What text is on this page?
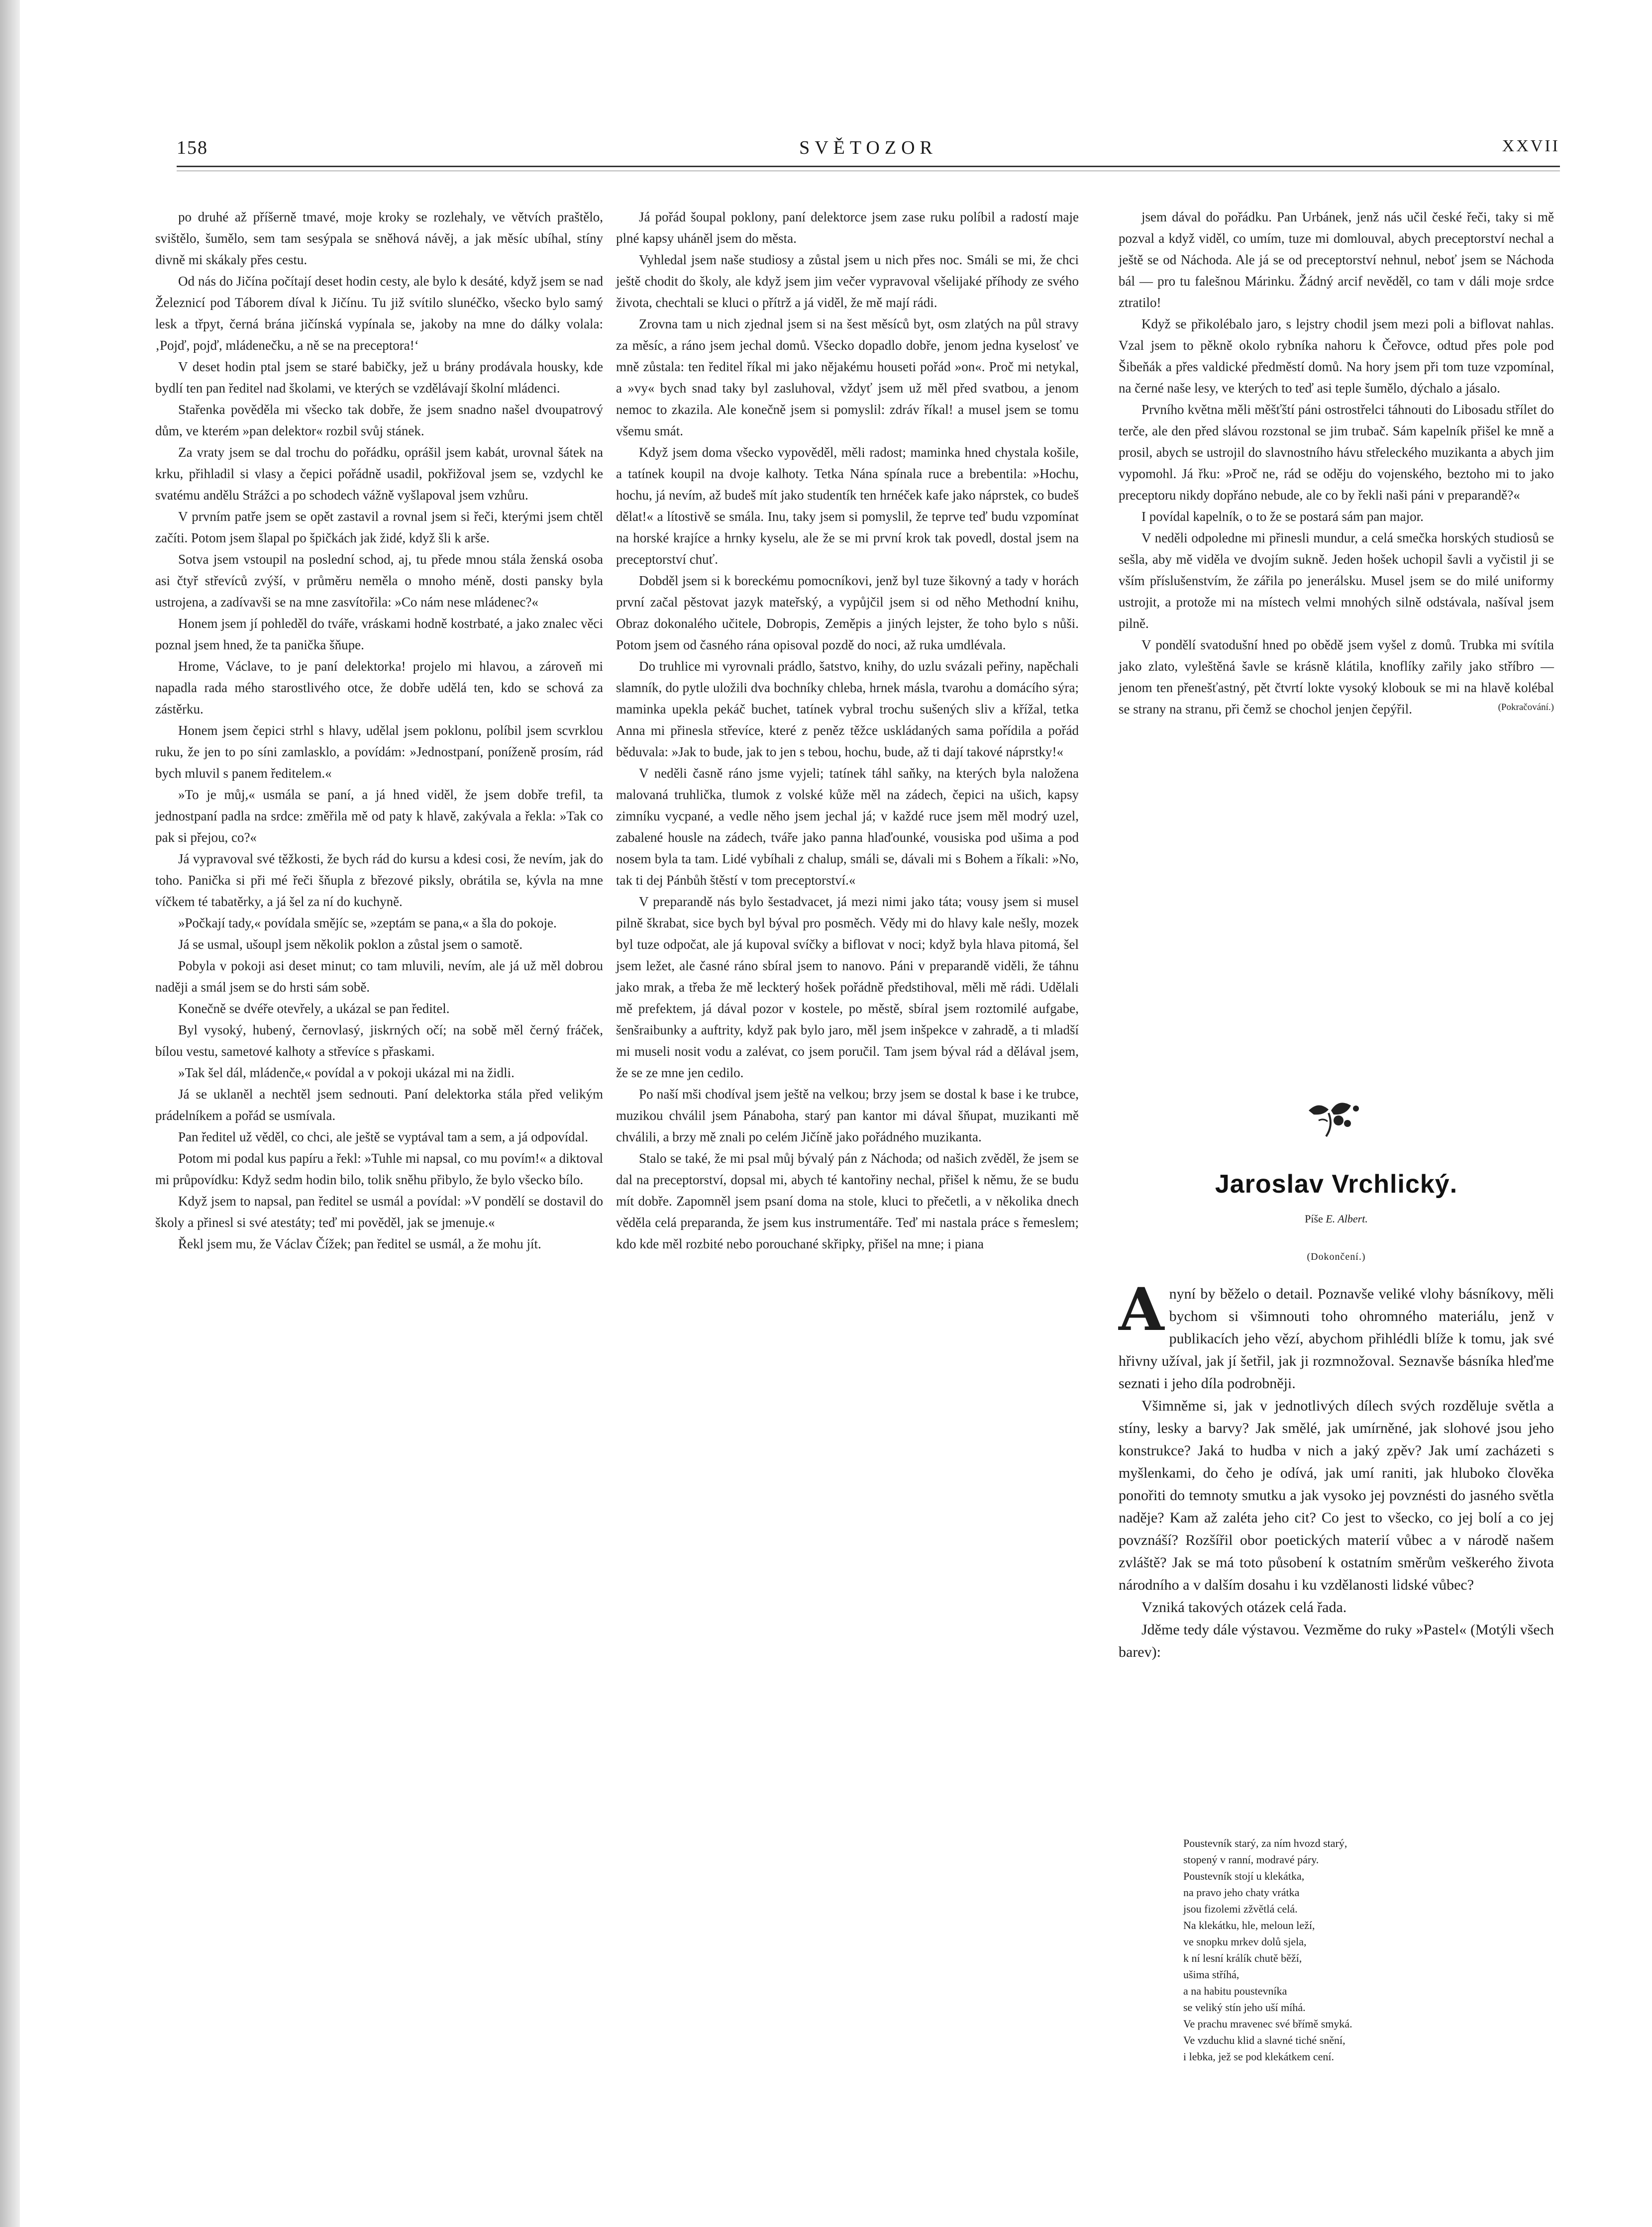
158	SVĚTOZOR	XXVII

po druhé až příšerně tmavé, moje kroky se rozlehaly, ve větvích praštělo, svištělo, šumělo, sem tam sesýpala se sněhová návěj, a jak měsíc ubíhal, stíny divně mi skákaly přes cestu.

Od nás do Jičína počítají deset hodin cesty, ale bylo k desáté, když jsem se nad Železnicí pod Táborem díval k Jičínu. Tu již svítilo slunéčko, všecko bylo samý lesk a třpyt, černá brána jičínská vypínala se, jakoby na mne do dálky volala: ‚Pojď, pojď, mládenečku, a ně se na preceptora!‘

V deset hodin ptal jsem se staré babičky, jež u brány prodávala housky, kde bydlí ten pan ředitel nad školami, ve kterých se vzdělávají školní mládenci.

Stařenka pověděla mi všecko tak dobře, že jsem snadno našel dvoupatrový dům, ve kterém »pan delektor« rozbil svůj stánek.

Za vraty jsem se dal trochu do pořádku, oprášil jsem kabát, urovnal šátek na krku, přihladil si vlasy a čepici pořádně usadil, pokřižoval jsem se, vzdychl ke svatému andělu Strážci a po schodech vážně vyšlapoval jsem vzhůru.

V prvním patře jsem se opět zastavil a rovnal jsem si řeči, kterými jsem chtěl začíti. Potom jsem šlapal po špičkách jak židé, když šli k arše.

Sotva jsem vstoupil na poslední schod, aj, tu přede mnou stála ženská osoba asi čtyř střevíců zvýší, v průměru neměla o mnoho méně, dosti pansky byla ustrojena, a zadívavši se na mne zasvítořila: »Co nám nese mládenec?«

Honem jsem jí pohleděl do tváře, vráskami hodně kostrbaté, a jako znalec věci poznal jsem hned, že ta panička šňupe.

Hrome, Václave, to je paní delektorka! projelo mi hlavou, a zároveň mi napadla rada mého starostlivého otce, že dobře udělá ten, kdo se schová za zástěrku.

Honem jsem čepici strhl s hlavy, udělal jsem poklonu, políbil jsem scvrklou ruku, že jen to po síni zamlasklo, a povídám: »Jednostpaní, poníženě prosím, rád bych mluvil s panem ředitelem.«

»To je můj,« usmála se paní, a já hned viděl, že jsem dobře trefil, ta jednostpaní padla na srdce: změřila mě od paty k hlavě, zakývala a řekla: »Tak co pak si přejou, co?«

Já vypravoval své těžkosti, že bych rád do kursu a kdesi cosi, že nevím, jak do toho. Panička si při mé řeči šňupla z březové piksly, obrátila se, kývla na mne víčkem té tabatěrky, a já šel za ní do kuchyně.

»Počkají tady,« povídala smějíc se, »zeptám se pana,« a šla do pokoje.

Já se usmal, ušoupl jsem několik poklon a zůstal jsem o samotě.

Pobyla v pokoji asi deset minut; co tam mluvili, nevím, ale já už měl dobrou naději a smál jsem se do hrsti sám sobě.

Konečně se dvéře otevřely, a ukázal se pan ředitel.

Byl vysoký, hubený, černovlasý, jiskrných očí; na sobě měl černý fráček, bílou vestu, sametové kalhoty a střevíce s přaskami.

»Tak šel dál, mládenče,« povídal a v pokoji ukázal mi na židli.

Já se uklaněl a nechtěl jsem sednouti. Paní delektorka stála před velikým prádelníkem a pořád se usmívala.

Pan ředitel už věděl, co chci, ale ještě se vyptával tam a sem, a já odpovídal.

Potom mi podal kus papíru a řekl: »Tuhle mi napsal, co mu povím!« a diktoval mi průpovídku: Když sedm hodin bilo, tolik sněhu přibylo, že bylo všecko bílo.

Když jsem to napsal, pan ředitel se usmál a povídal: »V pondělí se dostavil do školy a přinesl si své atestáty; teď mi pověděl, jak se jmenuje.«

Řekl jsem mu, že Václav Čížek; pan ředitel se usmál, a že mohu jít.

Já pořád šoupal poklony, paní delektorce jsem zase ruku políbil a radostí maje plné kapsy uháněl jsem do města.

Vyhledal jsem naše studiosy a zůstal jsem u nich přes noc. Smáli se mi, že chci ještě chodit do školy, ale když jsem jim večer vypravoval všelijaké příhody ze svého života, chechtali se kluci o přítrž a já viděl, že mě mají rádi.

Zrovna tam u nich zjednal jsem si na šest měsíců byt, osm zlatých na půl stravy za měsíc, a ráno jsem jechal domů. Všecko dopadlo dobře, jenom jedna kyselosť ve mně zůstala: ten ředitel říkal mi jako nějakému houseti pořád »on«. Proč mi netykal, a »vy« bych snad taky byl zasluhoval, vždyť jsem už měl před svatbou, a jenom nemoc to zkazila. Ale konečně jsem si pomyslil: zdráv říkal! a musel jsem se tomu všemu smát.

Když jsem doma všecko vypověděl, měli radost; maminka hned chystala košile, a tatínek koupil na dvoje kalhoty. Tetka Nána spínala ruce a brebentila: »Hochu, hochu, já nevím, až budeš mít jako studentík ten hrnéček kafe jako náprstek, co budeš dělat!« a lítostivě se smála. Inu, taky jsem si pomyslil, že teprve teď budu vzpomínat na horské krajíce a hrnky kyselu, ale že se mi první krok tak povedl, dostal jsem na preceptorství chuť.

Dobděl jsem si k boreckému pomocníkovi, jenž byl tuze šikovný a tady v horách první začal pěstovat jazyk mateřský, a vypůjčil jsem si od něho Methodní knihu, Obraz dokonalého učitele, Dobropis, Zeměpis a jiných lejster, že toho bylo s nůši. Potom jsem od časného rána opisoval pozdě do noci, až ruka umdlévala.

Do truhlice mi vyrovnali prádlo, šatstvo, knihy, do uzlu svázali peřiny, napěchali slamník, do pytle uložili dva bochníky chleba, hrnek másla, tvarohu a domácího sýra; maminka upekla pekáč buchet, tatínek vybral trochu sušených sliv a křížal, tetka Anna mi přinesla střevíce, které z peněz těžce uskládaných sama pořídila a pořád běduvala: »Jak to bude, jak to jen s tebou, hochu, bude, až ti dají takové náprstky!«

V neděli časně ráno jsme vyjeli; tatínek táhl saňky, na kterých byla naložena malovaná truhlička, tlumok z volské kůže měl na zádech, čepici na ušich, kapsy zimníku vycpané, a vedle něho jsem jechal já; v každé ruce jsem měl modrý uzel, zabalené housle na zádech, tváře jako panna hlaďounké, vousiska pod ušima a pod nosem byla ta tam. Lidé vybíhali z chalup, smáli se, dávali mi s Bohem a říkali: »No, tak ti dej Pánbůh štěstí v tom preceptorství.«

V preparandě nás bylo šestadvacet, já mezi nimi jako táta; vousy jsem si musel pilně škrabat, sice bych byl býval pro posměch. Vědy mi do hlavy kale nešly, mozek byl tuze odpočat, ale já kupoval svíčky a biflovat v noci; když byla hlava pitomá, šel jsem ležet, ale časné ráno sbíral jsem to nanovo. Páni v preparandě viděli, že táhnu jako mrak, a třeba že mě leckterý hošek pořádně předstihoval, měli mě rádi. Udělali mě prefektem, já dával pozor v kostele, po městě, sbíral jsem roztomilé aufgabe, šenšraibunky a auftrity, když pak bylo jaro, měl jsem inšpekce v zahradě, a ti mladší mi museli nosit vodu a zalévat, co jsem poručil. Tam jsem býval rád a dělával jsem, že se ze mne jen cedilo.

Po naší mši chodíval jsem ještě na velkou; brzy jsem se dostal k base i ke trubce, muzikou chválil jsem Pánaboha, starý pan kantor mi dával šňupat, muzikanti mě chválili, a brzy mě znali po celém Jičíně jako pořádného muzikanta.

Stalo se také, že mi psal můj bývalý pán z Náchoda; od našich zvěděl, že jsem se dal na preceptorství, dopsal mi, abych té kantořiny nechal, přišel k němu, že se budu mít dobře. Zapomněl jsem psaní doma na stole, kluci to přečetli, a v několika dnech věděla celá preparanda, že jsem kus instrumentáře. Teď mi nastala práce s řemeslem; kdo kde měl rozbité nebo porouchané skřipky, přišel na mne; i piana

jsem dával do pořádku. Pan Urbánek, jenž nás učil české řeči, taky si mě pozval a když viděl, co umím, tuze mi domlouval, abych preceptorství nechal a ještě se od Náchoda. Ale já se od preceptorství nehnul, neboť jsem se Náchoda bál — pro tu falešnou Márinku. Žádný arcif nevěděl, co tam v dáli moje srdce ztratilo!

Když se přikolébalo jaro, s lejstry chodil jsem mezi poli a biflovat nahlas. Vzal jsem to pěkně okolo rybníka nahoru k Čeřovce, odtud přes pole pod Šibeňák a přes valdické předměstí domů. Na hory jsem při tom tuze vzpomínal, na černé naše lesy, ve kterých to teď asi teple šumělo, dýchalo a jásalo.

Prvního května měli měšťští páni ostrostřelci táhnouti do Libosadu střílet do terče, ale den před slávou rozstonal se jim trubač. Sám kapelník přišel ke mně a prosil, abych se ustrojil do slavnostního hávu střeleckého muzikanta a abych jim vypomohl. Já řku: »Proč ne, rád se oděju do vojenského, beztoho mi to jako preceptoru nikdy dopřáno nebude, ale co by řekli naši páni v preparandě?«

I povídal kapelník, o to že se postará sám pan major.

V neděli odpoledne mi přinesli mundur, a celá smečka horských studiosů se sešla, aby mě viděla ve dvojím sukně. Jeden hošek uchopil šavli a vyčistil ji se vším příslušenstvím, že zářila po jenerálsku. Musel jsem se do milé uniformy ustrojit, a protože mi na místech velmi mnohých silně odstávala, našíval jsem pilně.

V pondělí svatodušní hned po obědě jsem vyšel z domů. Trubka mi svítila jako zlato, vyleštěná šavle se krásně klátila, knoflíky zařily jako stříbro — jenom ten přenešťastný, pět čtvrtí lokte vysoký klobouk se mi na hlavě kolébal se strany na stranu, při čemž se chochol jenjen čepýřil.	(Pokračování.)
Jaroslav Vrchlický.
Píše E. Albert.
(Dokončení.)

Anyní by běželo o detail. Poznavše veliké vlohy básníkovy, měli bychom si všimnouti toho ohromného materiálu, jenž v publikacích jeho vězí, abychom přihlédli blíže k tomu, jak své hřivny užíval, jak jí šetřil, jak ji rozmnožoval. Seznavše básníka hleďme seznati i jeho díla podrobněji.

Všimněme si, jak v jednotlivých dílech svých rozděluje světla a stíny, lesky a barvy? Jak smělé, jak umírněné, jak slohové jsou jeho konstrukce? Jaká to hudba v nich a jaký zpěv? Jak umí zacházeti s myšlenkami, do čeho je odívá, jak umí raniti, jak hluboko člověka ponořiti do temnoty smutku a jak vysoko jej povznésti do jasného světla naděje? Kam až zaléta jeho cit? Co jest to všecko, co jej bolí a co jej povznáší? Rozšířil obor poetických materií vůbec a v národě našem zvláště? Jak se má toto působení k ostatním směrům veškerého života národního a v dalším dosahu i ku vzdělanosti lidské vůbec?

Vzniká takových otázek celá řada.

Jděme tedy dále výstavou. Vezměme do ruky »Pastel« (Motýli všech barev):

Poustevník starý, za ním hvozd starý,
stopený v ranní, modravé páry.
Poustevník stojí u klekátka,
na pravo jeho chaty vrátka
jsou fizolemi zžvětlá celá.
Na klekátku, hle, meloun leží,
ve snopku mrkev dolů sjela,
k ní lesní králík chutě běží,
ušima stříhá,
a na habitu poustevníka
se veliký stín jeho uší míhá.
Ve prachu mravenec své břímě smyká.
Ve vzduchu klid a slavné tiché snění,
i lebka, jež se pod klekátkem cení.
